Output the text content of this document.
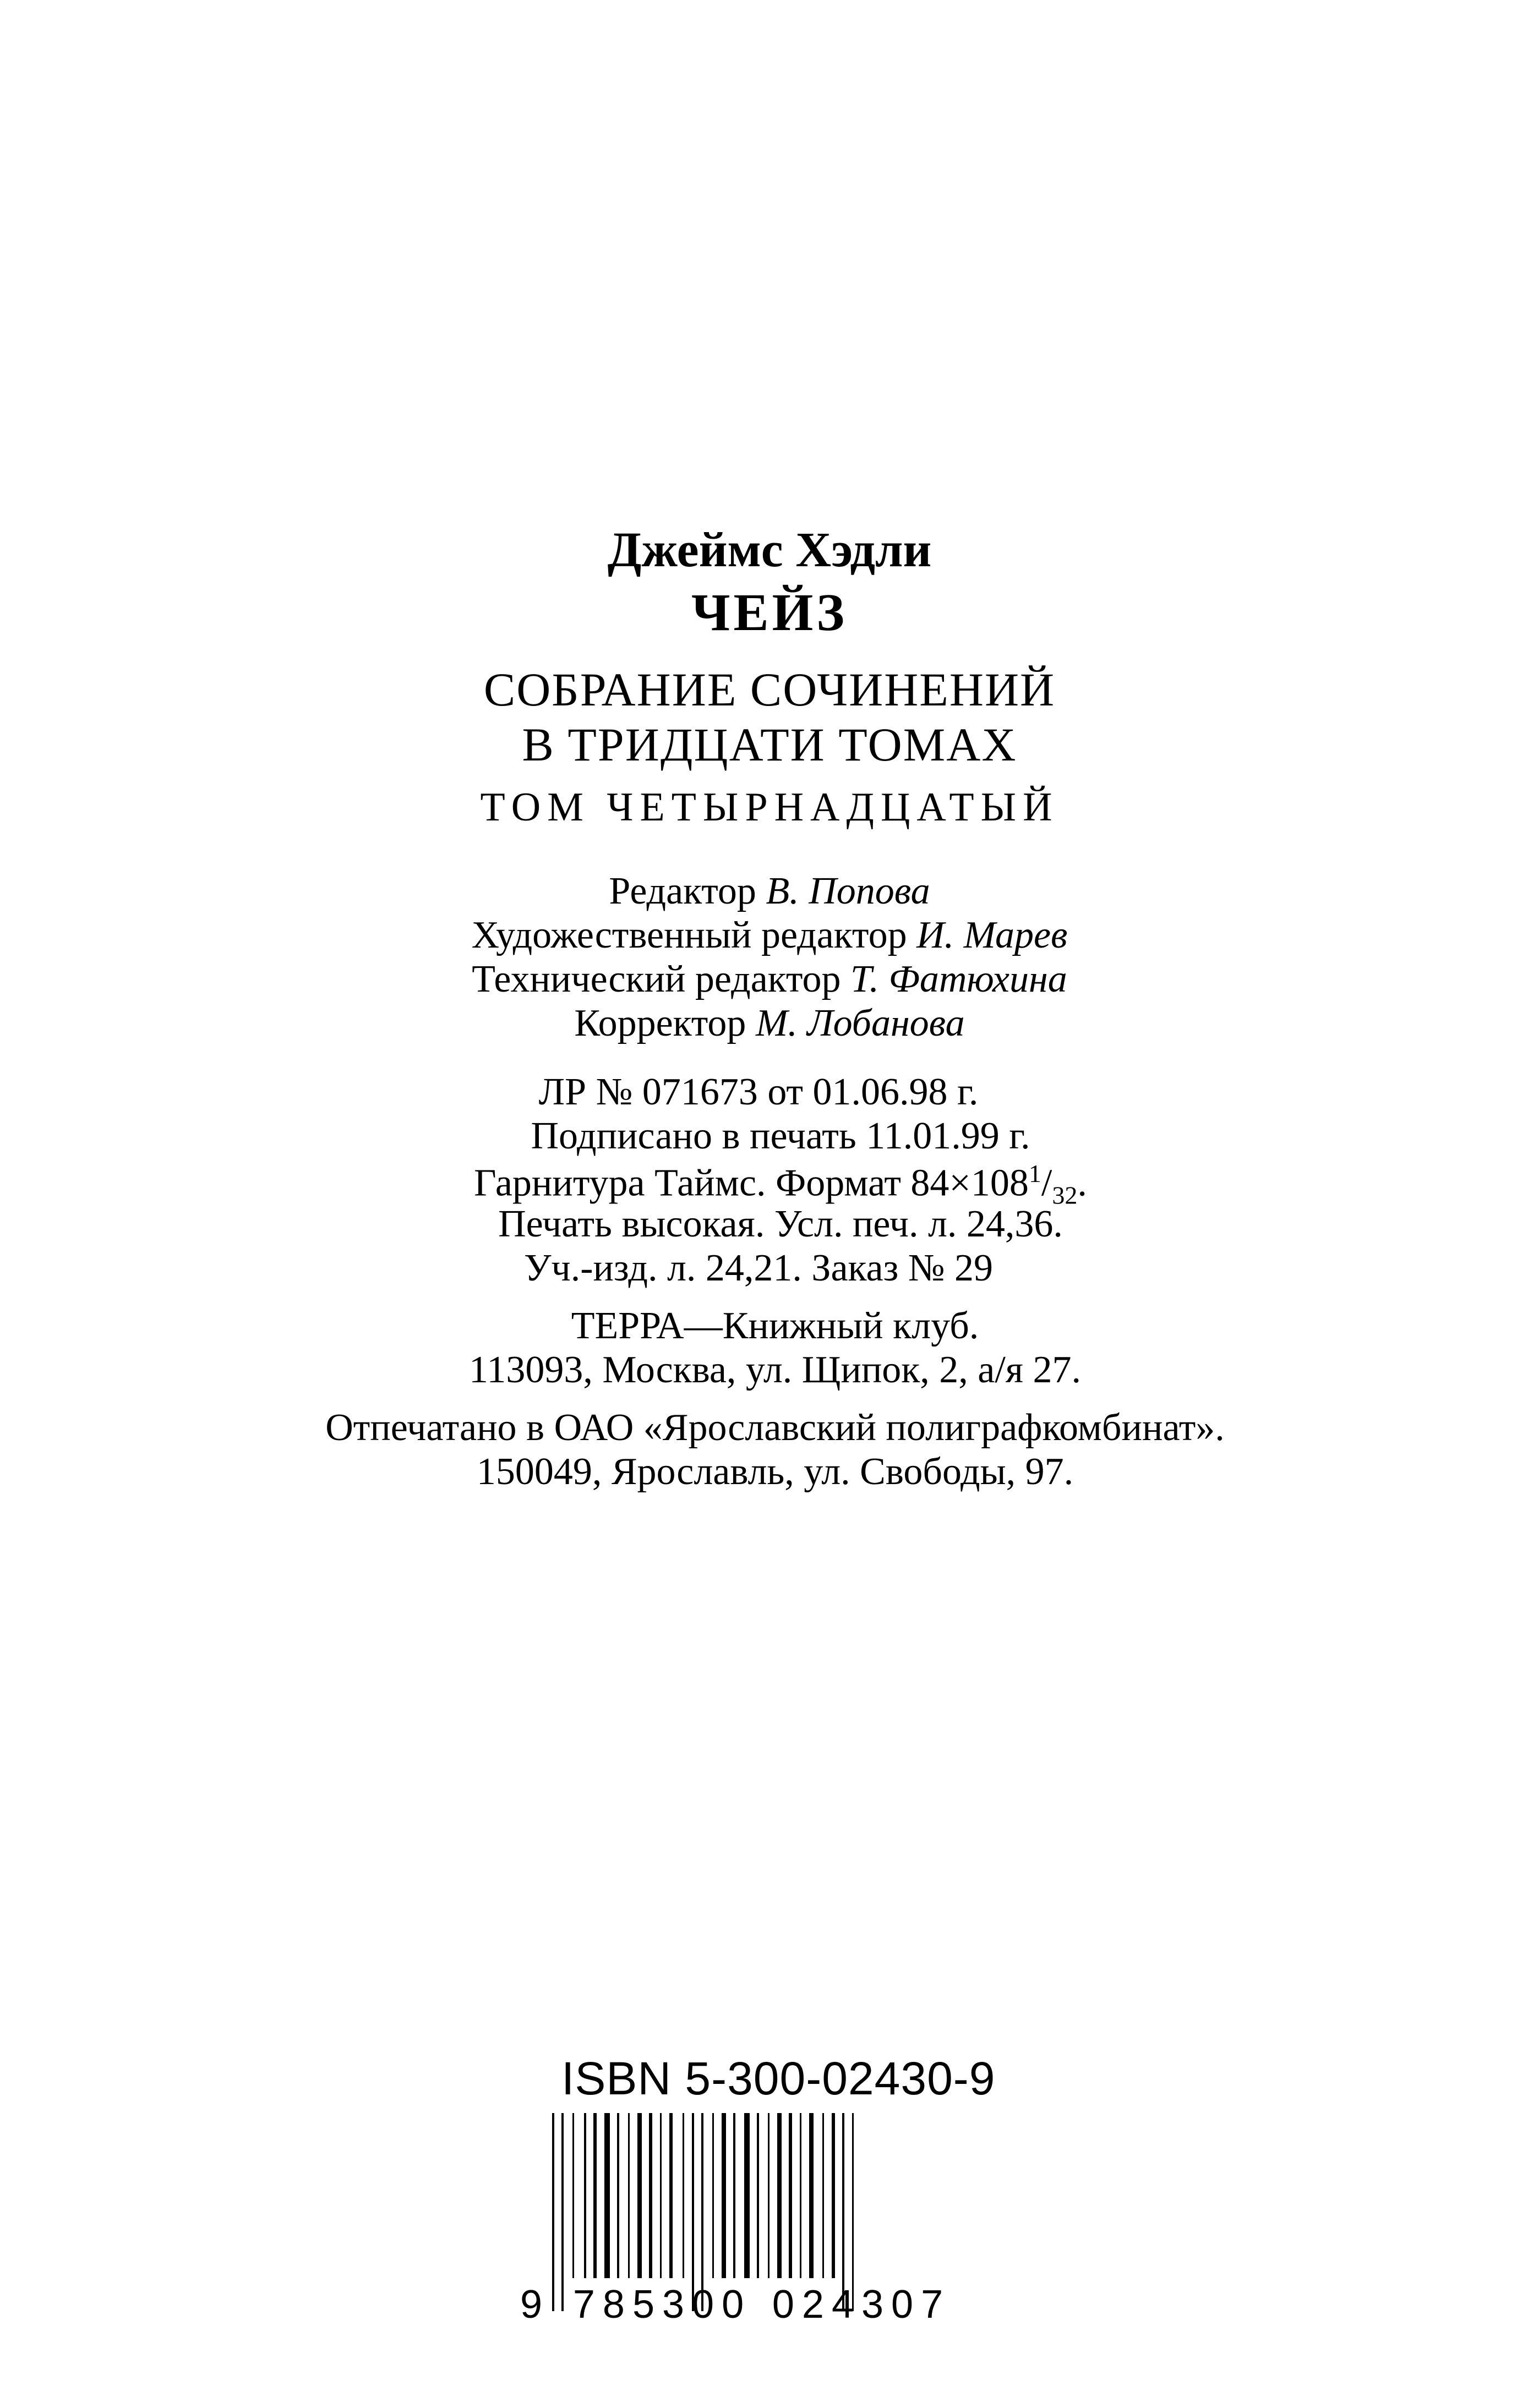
Джеймс Хэдли
ЧЕЙЗ
СОБРАНИЕ СОЧИНЕНИЙ
В ТРИДЦАТИ ТОМАХ
ТОМ ЧЕТЫРНАДЦАТЫЙ
Редактор В. Попова
Художественный редактор И. Марев
Технический редактор Т. Фатюхина
Корректор М. Лобанова
ЛР № 071673 от 01.06.98 г.
Подписано в печать 11.01.99 г.
Гарнитура Таймс. Формат $84\times 108^1/_{32}$.
Печать высокая. Усл. печ. л. 24,36.
Уч.-изд. л. 24,21. Заказ № 29
ТЕРРА—Книжный клуб.
113093, Москва, ул. Щипок, 2, а/я 27.
Отпечатано в ОАО «Ярославский полиграфкомбинат».
150049, Ярославль, ул. Свободы, 97.
ISBN 5-300-02430-9
9 785300 024307
